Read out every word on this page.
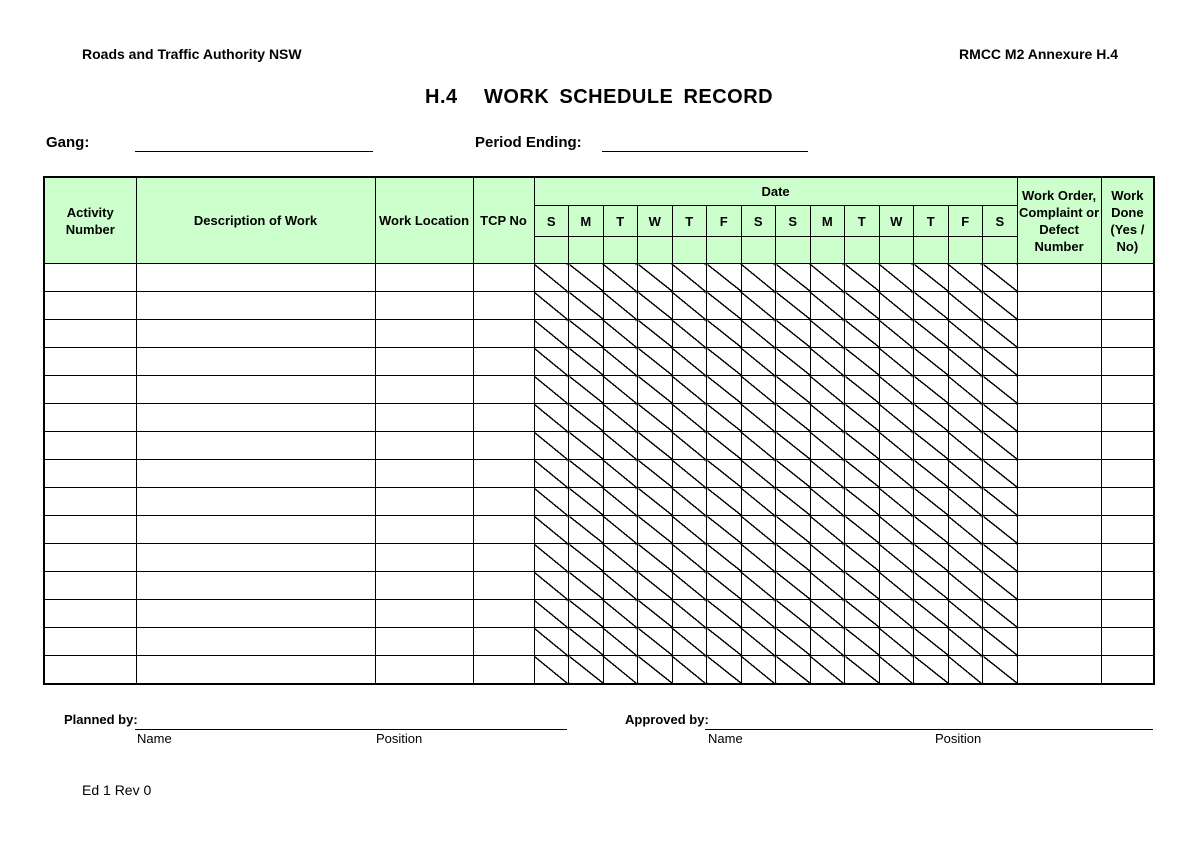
Roads and Traffic Authority NSW	RMCC M2 Annexure H.4
H.4 WORK SCHEDULE RECORD
Gang:	Period Ending:
Activity Number	Description of Work	Work Location	TCP No	Date														Work Order, Complaint or Defect Number	Work Done (Yes / No)
				S	M	T	W	T	F	S	S	M	T	W	T	F	S		

Planned by:
Name	Position
Approved by:
Name	Position
Ed 1 Rev 0
